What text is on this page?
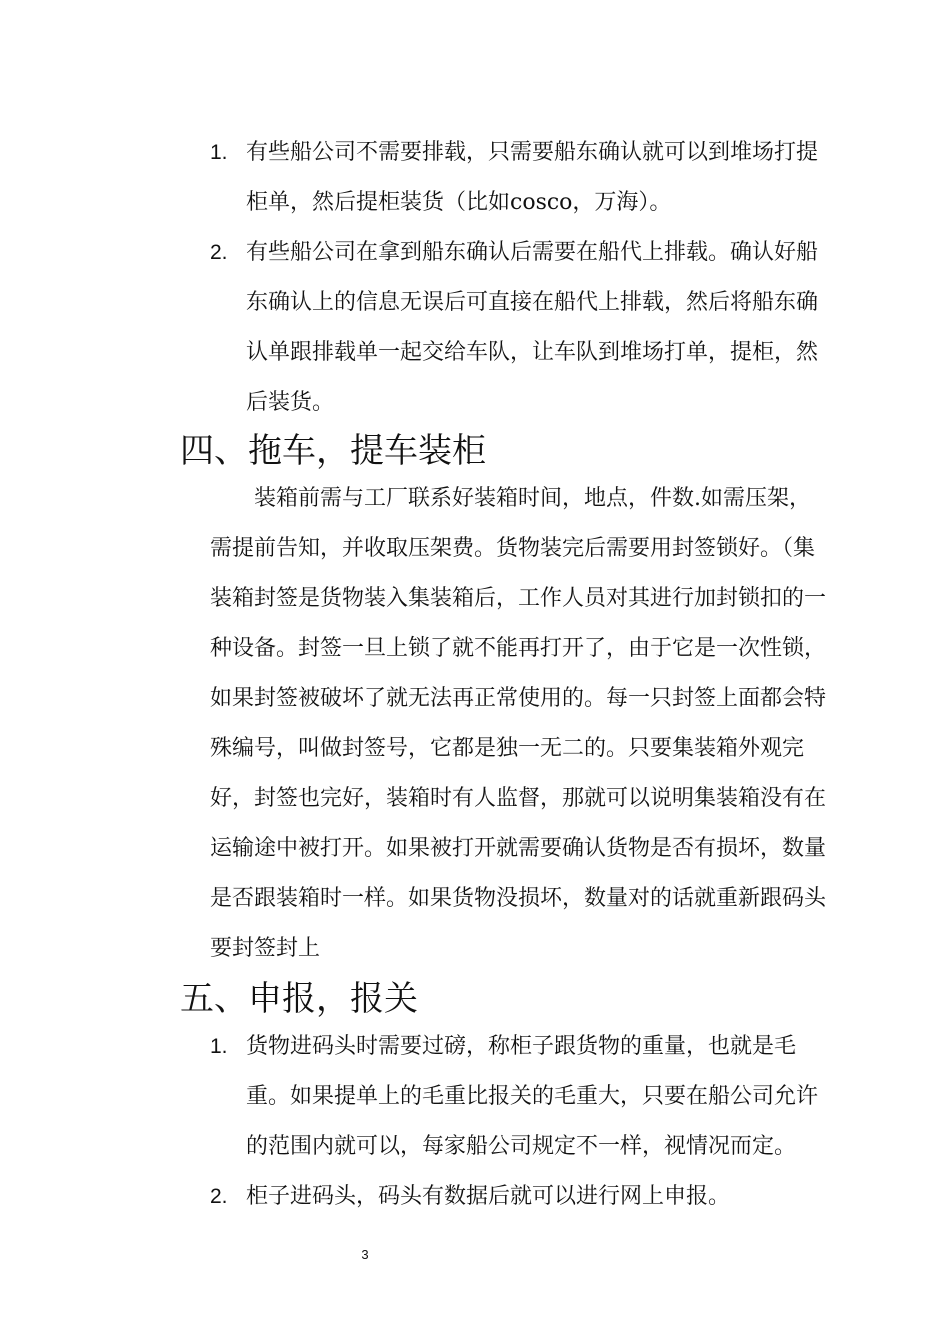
1. 有些船公司不需要排载，只需要船东确认就可以到堆场打提柜单，然后提柜装货（比如cosco，万海）。
2. 有些船公司在拿到船东确认后需要在船代上排载。确认好船东确认上的信息无误后可直接在船代上排载，然后将船东确认单跟排载单一起交给车队，让车队到堆场打单，提柜，然后装货。
四、拖车，提车装柜

装箱前需与工厂联系好装箱时间，地点，件数.如需压架，需提前告知，并收取压架费。货物装完后需要用封签锁好。（集装箱封签是货物装入集装箱后，工作人员对其进行加封锁扣的一种设备。封签一旦上锁了就不能再打开了，由于它是一次性锁，如果封签被破坏了就无法再正常使用的。每一只封签上面都会特殊编号，叫做封签号，它都是独一无二的。只要集装箱外观完好，封签也完好，装箱时有人监督，那就可以说明集装箱没有在运输途中被打开。如果被打开就需要确认货物是否有损坏，数量是否跟装箱时一样。如果货物没损坏，数量对的话就重新跟码头要封签封上

五、申报，报关
1. 货物进码头时需要过磅，称柜子跟货物的重量，也就是毛重。如果提单上的毛重比报关的毛重大，只要在船公司允许的范围内就可以，每家船公司规定不一样，视情况而定。
2. 柜子进码头，码头有数据后就可以进行网上申报。
3
